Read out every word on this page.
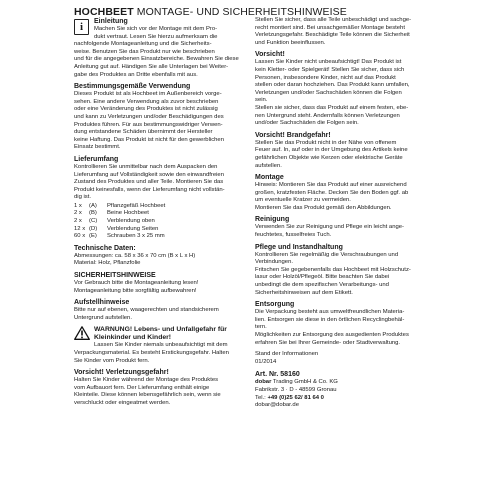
HOCHBEET MONTAGE- UND SICHERHEITSHINWEISE
i	Einleitung

Machen Sie sich vor der Montage mit dem Pro-

dukt vertraut. Lesen Sie hierzu aufmerksam die

nachfolgende Montageanleitung und die Sicherheits-

weise. Benutzen Sie das Produkt nur wie beschrieben

und für die angegebenen Einsatzbereiche. Bewahren Sie diese

Anleitung gut auf. Händigen Sie alle Unterlagen bei Weiter-

gabe des Produktes an Dritte ebenfalls mit aus.

Bestimmungsgemäße Verwendung

Dieses Produkt ist als Hochbeet im Außenbereich vorge-

sehen. Eine andere Verwendung als zuvor beschrieben

oder eine Veränderung des Produktes ist nicht zulässig

und kann zu Verletzungen und/oder Beschädigungen des

Produktes führen. Für aus bestimmungswidriger Verwen-

dung entstandene Schäden übernimmt der Hersteller

keine Haftung. Das Produkt ist nicht für den gewerblichen

Einsatz bestimmt.

Lieferumfang

Kontrollieren Sie unmittelbar nach dem Auspacken den

Lieferumfang auf Vollständigkeit sowie den einwandfreien

Zustand des Produktes und aller Teile. Montieren Sie das

Produkt keinesfalls, wenn der Lieferumfang nicht vollstän-

dig ist.

1 x	(A)	Pflanzgefäß Hochbeet
2 x	(B)	Beine Hochbeet
2 x	(C)	Verblendung oben
12 x (D)	Verblendung Seiten
60 x (E)	Schrauben 3 x 25 mm
Technische Daten:

Abmessungen: ca. 58 x 36 x 70 cm (B x L x H)

Material: Holz, Pflanzfolie

SICHERHEITSHINWEISE

Vor Gebrauch bitte die Montageanleitung lesen!

Montageanleitung bitte sorgfältig aufbewahren!

Aufstellhinweise

Bitte nur auf ebenen, waagerechten und standsicherem

Untergrund aufstellen.

WARNUNG! Lebens- und Unfallgefahr für
Kleinkinder und Kinder!

Lassen Sie Kinder niemals unbeaufsichtigt mit dem

Verpackungsmaterial. Es besteht Erstickungsgefahr. Halten

Sie Kinder vom Produkt fern.

Vorsicht! Verletzungsgefahr!

Halten Sie Kinder während der Montage des Produktes

vom Aufbauort fern. Der Lieferumfang enthält einige

Kleinteile. Diese können lebensgefährlich sein, wenn sie

verschluckt oder eingeatmet werden.

Stellen Sie sicher, dass alle Teile unbeschädigt und sachge-

recht montiert sind. Bei unsachgemäßer Montage besteht

Verletzungsgefahr. Beschädigte Teile können die Sicherheit

und Funktion beeinflussen.

Vorsicht!

Lassen Sie Kinder nicht unbeaufsichtigt! Das Produkt ist

kein Kletter- oder Spielgerät! Stellen Sie sicher, dass sich

Personen, insbesondere Kinder, nicht auf das Produkt

stellen oder daran hochziehen. Das Produkt kann umfallen,

Verletzungen und/oder Sachschäden können die Folgen

sein.

Stellen sie sicher, dass das Produkt auf einem festen, ebe-

nen Untergrund steht. Andernfalls können Verletzungen

und/oder Sachschäden die Folgen sein.

Vorsicht! Brandgefahr!

Stellen Sie das Produkt nicht in der Nähe von offenem

Feuer auf. In, auf oder in der Umgebung des Artikels keine

gefährlichen Objekte wie Kerzen oder elektrische Geräte

aufstellen.

Montage

Hinweis: Montieren Sie das Produkt auf einer ausreichend

großen, kratzfesten Fläche. Decken Sie den Boden ggf. ab

um eventuelle Kratzer zu vermeiden.

Montieren Sie das Produkt gemäß den Abbildungen.

Reinigung

Verwenden Sie zur Reinigung und Pflege ein leicht ange-

feuchtetes, fusselfreies Tuch.

Pflege und Instandhaltung

Kontrollieren Sie regelmäßig die Verschraubungen und

Verbindungen.

Fritschen Sie gegebenenfalls das Hochbeet mit Holzschutz-

lasur oder Holzöl/Pflegeöl. Bitte beachten Sie dabei

unbedingt die dem spezifischen Verarbeitungs- und

Sicherheitshinweisen auf dem Etikett.

Entsorgung

Die Verpackung besteht aus umweltfreundlichen Materia-

lien. Entsorgen sie diese in den örtlichen Recyclingbehäl-

tern.

Möglichkeiten zur Entsorgung des ausgedienten Produktes

erfahren Sie bei Ihrer Gemeinde- oder Stadtverwaltung.

Stand der Informationen

01/2014

Art. Nr. 58160

dobar Trading GmbH & Co. KG

Fabrikstr. 3 · D - 48599 Gronau

Tel.: +49 (0)25 62/ 81 64 0

dobar@dobar.de
